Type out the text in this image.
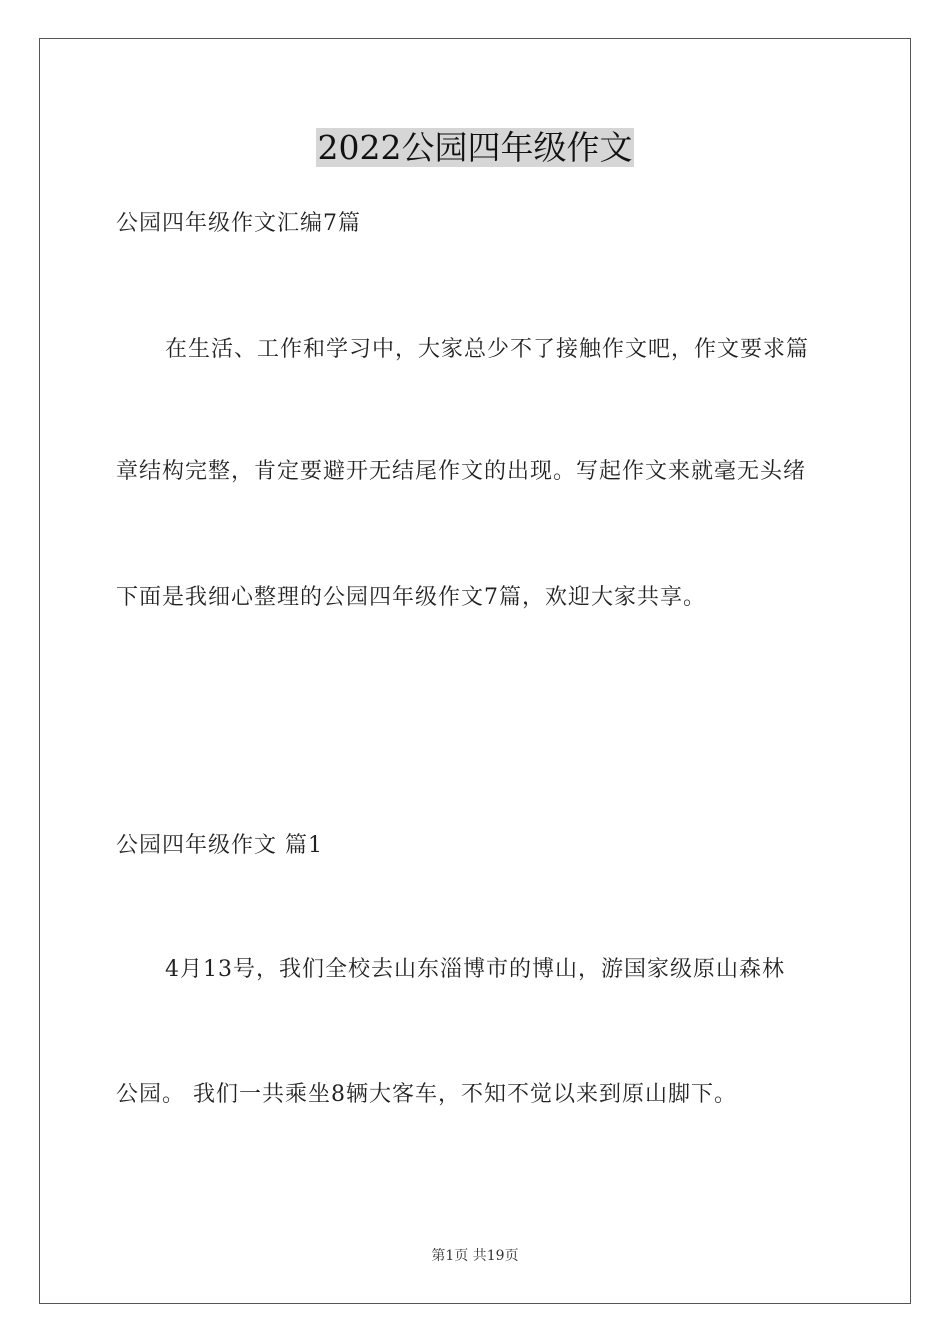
2022公园四年级作文
公园四年级作文汇编7篇
在生活、工作和学习中，大家总少不了接触作文吧，作文要求篇
章结构完整，肯定要避开无结尾作文的出现。写起作文来就毫无头绪
下面是我细心整理的公园四年级作文7篇，欢迎大家共享。
公园四年级作文 篇1
4月13号，我们全校去山东淄博市的博山，游国家级原山森林
公园。 我们一共乘坐8辆大客车，不知不觉以来到原山脚下。
第1页 共19页
